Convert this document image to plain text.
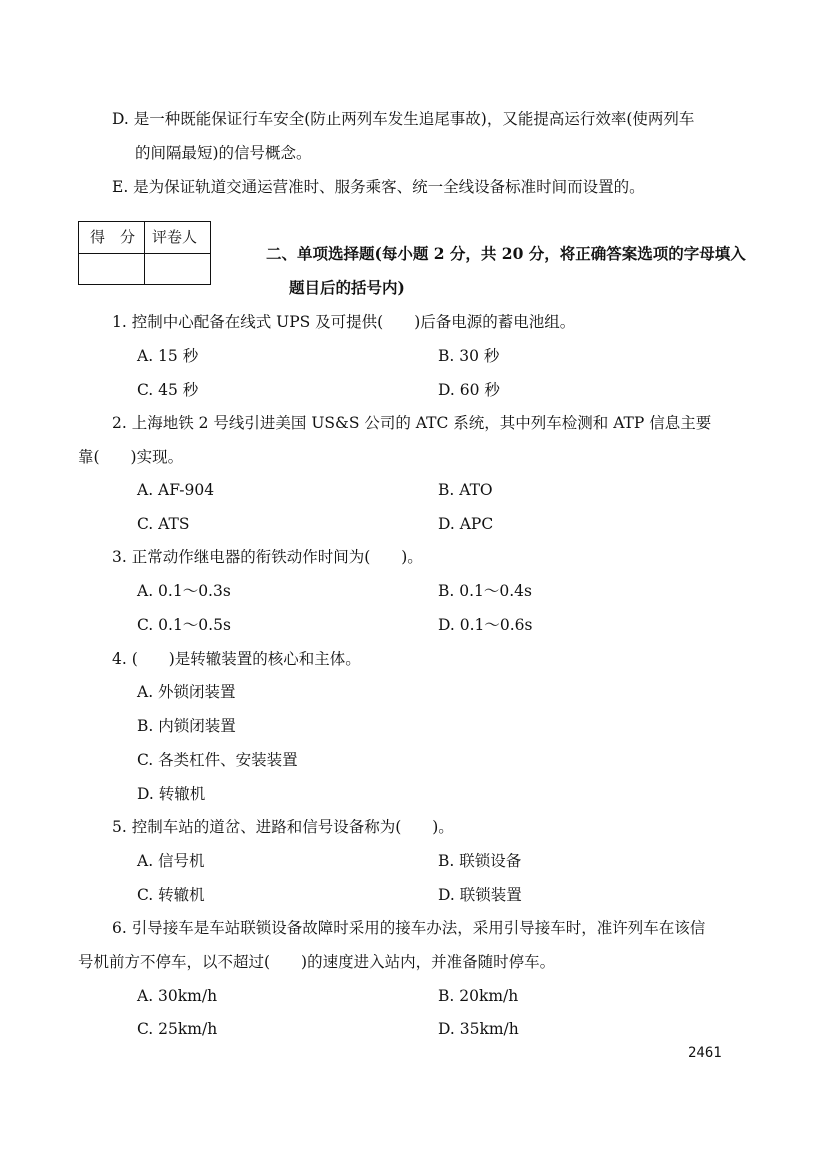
D. 是一种既能保证行车安全(防止两列车发生追尾事故)，又能提高运行效率(使两列车
的间隔最短)的信号概念。
E. 是为保证轨道交通运营准时、服务乘客、统一全线设备标准时间而设置的。
得　分 评卷人
二、单项选择题(每小题 2 分，共 20 分，将正确答案选项的字母填入
题目后的括号内)
1. 控制中心配备在线式 UPS 及可提供(　　)后备电源的蓄电池组。
A. 15 秒	B. 30 秒
C. 45 秒	D. 60 秒
2. 上海地铁 2 号线引进美国 US&S 公司的 ATC 系统，其中列车检测和 ATP 信息主要
靠(　　)实现。
A. AF-904	B. ATO
C. ATS	D. APC
3. 正常动作继电器的衔铁动作时间为(　　)。
A. 0.1～0.3s	B. 0.1～0.4s
C. 0.1～0.5s	D. 0.1～0.6s
4. (　　)是转辙装置的核心和主体。
A. 外锁闭装置
B. 内锁闭装置
C. 各类杠件、安装装置
D. 转辙机
5. 控制车站的道岔、进路和信号设备称为(　　)。
A. 信号机	B. 联锁设备
C. 转辙机	D. 联锁装置
6. 引导接车是车站联锁设备故障时采用的接车办法，采用引导接车时，准许列车在该信
号机前方不停车，以不超过(　　)的速度进入站内，并准备随时停车。
A. 30km/h	B. 20km/h
C. 25km/h	D. 35km/h
2461
